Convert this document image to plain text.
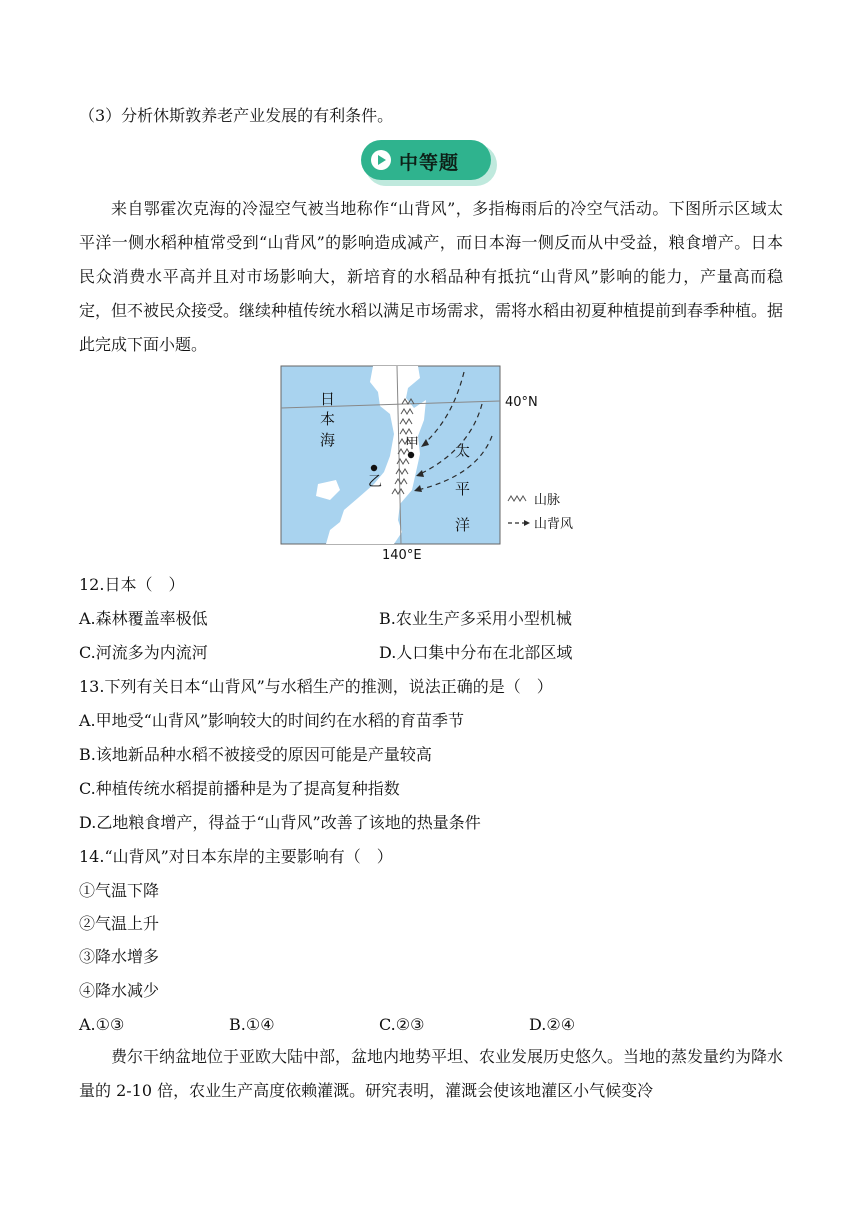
（3）分析休斯敦养老产业发展的有利条件。
中等题
来自鄂霍次克海的冷湿空气被当地称作“山背风”，多指梅雨后的冷空气活动。下图所示区域太平洋一侧水稻种植常受到“山背风”的影响造成减产，而日本海一侧反而从中受益，粮食增产。日本民众消费水平高并且对市场影响大，新培育的水稻品种有抵抗“山背风”影响的能力，产量高而稳定，但不被民众接受。继续种植传统水稻以满足市场需求，需将水稻由初夏种植提前到春季种植。据此完成下面小题。
甲
乙
日
本
海
太
平
洋
40°N
140°E
山脉
山背风
12.日本（　）
A.森林覆盖率极低	B.农业生产多采用小型机械
C.河流多为内流河	D.人口集中分布在北部区域
13.下列有关日本“山背风”与水稻生产的推测，说法正确的是（　）
A.甲地受“山背风”影响较大的时间约在水稻的育苗季节
B.该地新品种水稻不被接受的原因可能是产量较高
C.种植传统水稻提前播种是为了提高复种指数
D.乙地粮食增产，得益于“山背风”改善了该地的热量条件
14.“山背风”对日本东岸的主要影响有（　）
①气温下降
②气温上升
③降水增多
④降水减少
A.①③	B.①④	C.②③	D.②④
费尔干纳盆地位于亚欧大陆中部，盆地内地势平坦、农业发展历史悠久。当地的蒸发量约为降水量的 2-10 倍，农业生产高度依赖灌溉。研究表明，灌溉会使该地灌区小气候变冷
